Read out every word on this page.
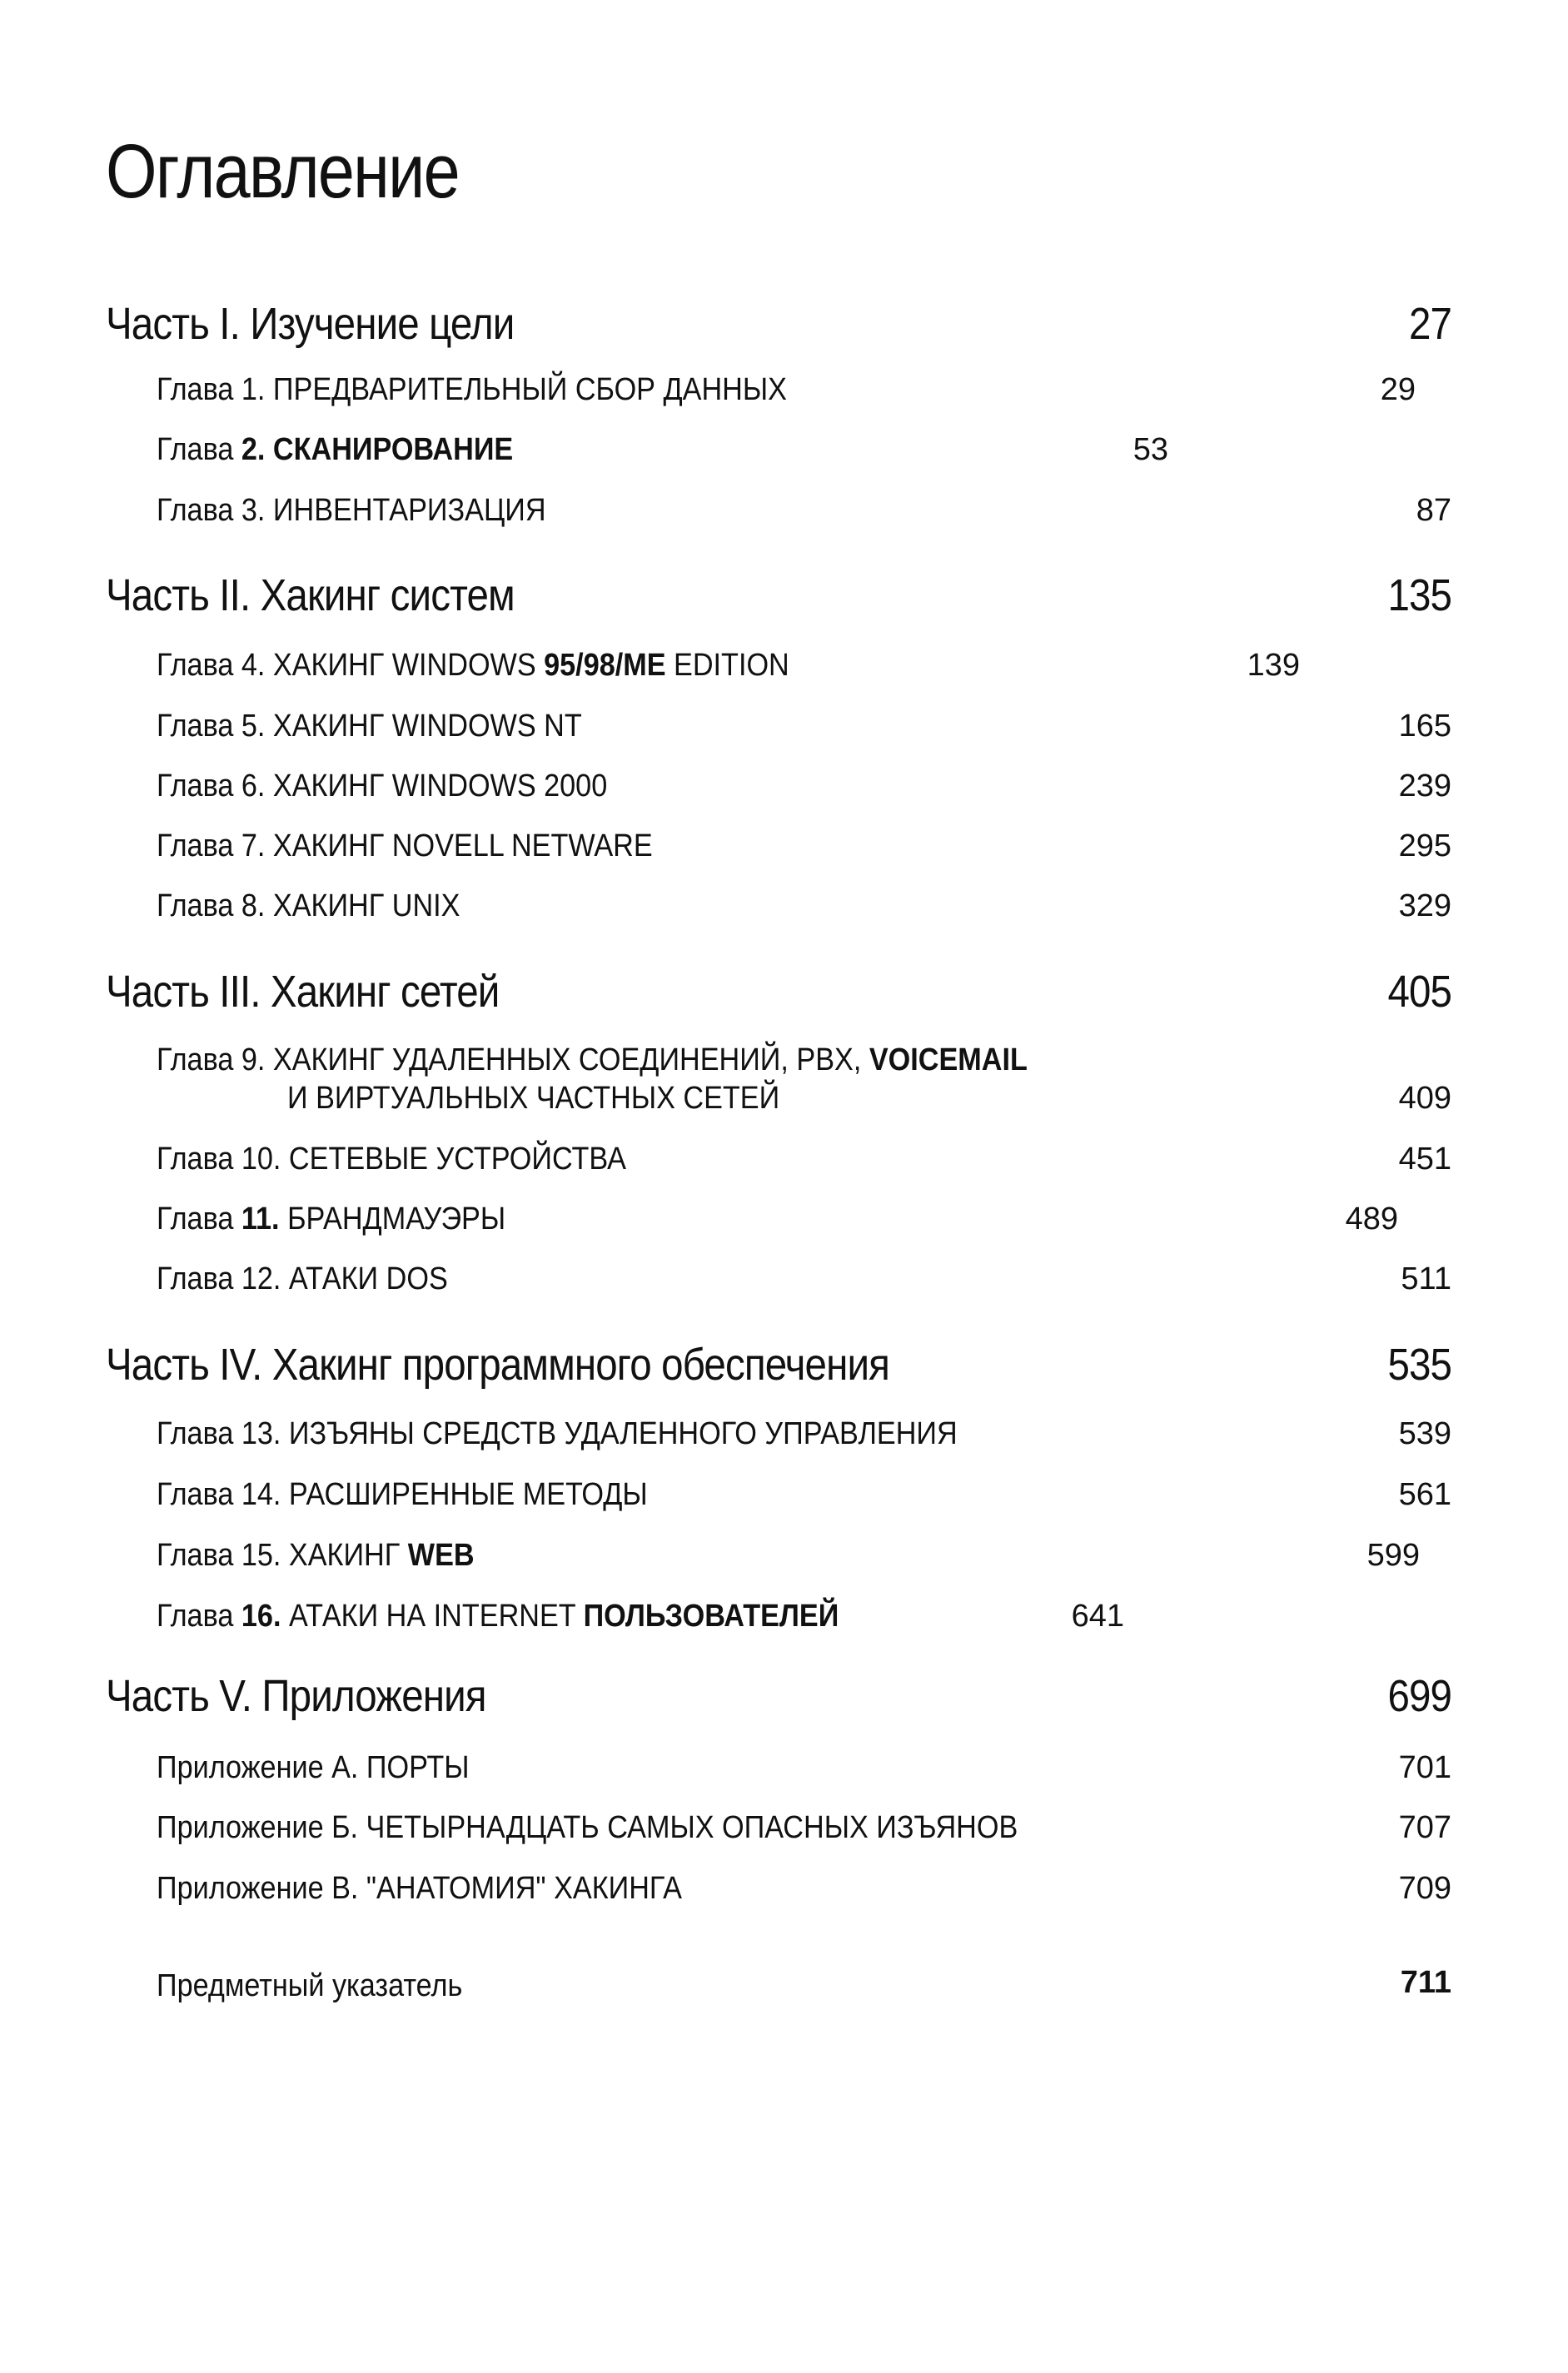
Оглавление
Часть I. Изучение цели	27
Глава 1. ПРЕДВАРИТЕЛЬНЫЙ СБОР ДАННЫХ	29
Глава 2. СКАНИРОВАНИЕ	53
Глава 3. ИНВЕНТАРИЗАЦИЯ	87
Часть II. Хакинг систем	135
Глава 4. ХАКИНГ WINDOWS 95/98/ME EDITION	139
Глава 5. ХАКИНГ WINDOWS NT	165
Глава 6. ХАКИНГ WINDOWS 2000	239
Глава 7. ХАКИНГ NOVELL NETWARE	295
Глава 8. ХАКИНГ UNIX	329
Часть III. Хакинг сетей	405
Глава 9. ХАКИНГ УДАЛЕННЫХ СОЕДИНЕНИЙ, PBX, VOICEMAIL
И ВИРТУАЛЬНЫХ ЧАСТНЫХ СЕТЕЙ	409
Глава 10. СЕТЕВЫЕ УСТРОЙСТВА	451
Глава 11. БРАНДМАУЭРЫ	489
Глава 12. АТАКИ DOS	511
Часть IV. Хакинг программного обеспечения	535
Глава 13. ИЗЪЯНЫ СРЕДСТВ УДАЛЕННОГО УПРАВЛЕНИЯ	539
Глава 14. РАСШИРЕННЫЕ МЕТОДЫ	561
Глава 15. ХАКИНГ WEB	599
Глава 16. АТАКИ НА INTERNET ПОЛЬЗОВАТЕЛЕЙ	641
Часть V. Приложения	699
Приложение А. ПОРТЫ	701
Приложение Б. ЧЕТЫРНАДЦАТЬ САМЫХ ОПАСНЫХ ИЗЪЯНОВ	707
Приложение В. "АНАТОМИЯ" ХАКИНГА	709
Предметный указатель	711
